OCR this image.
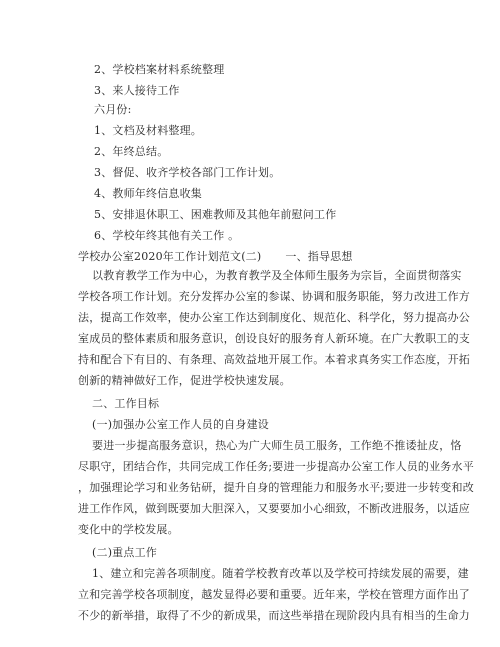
2、学校档案材料系统整理
3、来人接待工作
六月份:
1、文档及材料整理。
2、年终总结。
3、督促、收齐学校各部门工作计划。
4、教师年终信息收集
5、安排退休职工、困难教师及其他年前慰问工作
6、学校年终其他有关工作 。
学校办公室2020年工作计划范文(二) 一、指导思想
以教育教学工作为中心，为教育教学及全体师生服务为宗旨，全面贯彻落实
学校各项工作计划。充分发挥办公室的参谋、协调和服务职能，努力改进工作方
法，提高工作效率，使办公室工作达到制度化、规范化、科学化，努力提高办公
室成员的整体素质和服务意识，创设良好的服务育人新环境。在广大教职工的支
持和配合下有目的、有条理、高效益地开展工作。本着求真务实工作态度，开拓
创新的精神做好工作，促进学校快速发展。
二、工作目标
(一)加强办公室工作人员的自身建设
要进一步提高服务意识，热心为广大师生员工服务，工作绝不推诿扯皮，恪
尽职守，团结合作，共同完成工作任务;要进一步提高办公室工作人员的业务水平
，加强理论学习和业务钻研，提升自身的管理能力和服务水平;要进一步转变和改
进工作作风，做到既要加大胆深入，又要要加小心细致，不断改进服务，以适应
变化中的学校发展。
(二)重点工作
1、建立和完善各项制度。随着学校教育改革以及学校可持续发展的需要，建
立和完善学校各项制度，越发显得必要和重要。近年来，学校在管理方面作出了
不少的新举措，取得了不少的新成果，而这些举措在现阶段内具有相当的生命力
